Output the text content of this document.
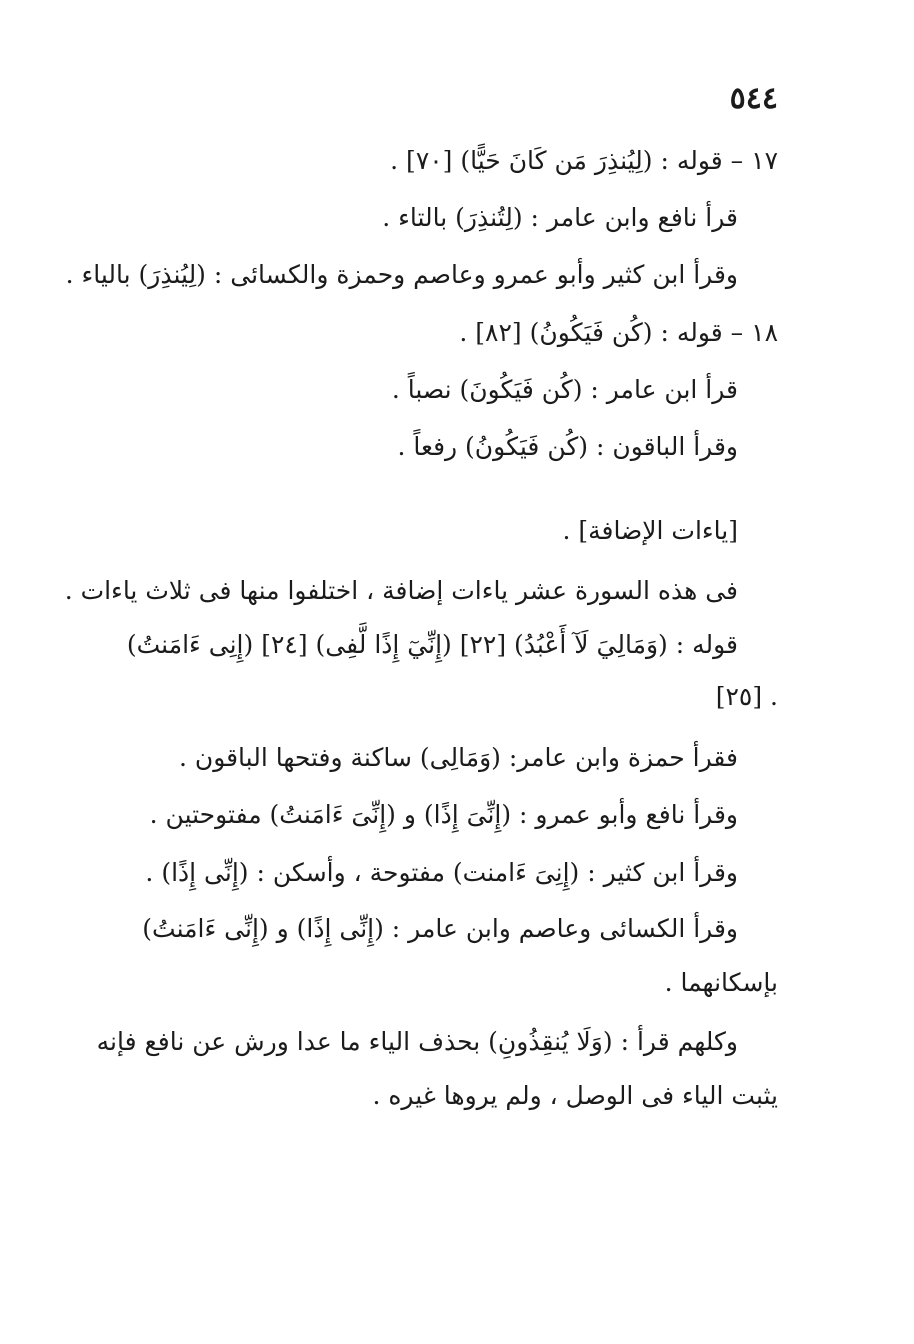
٥٤٤
١٧ – قوله : (لِيُنذِرَ مَن كَانَ حَيًّا) [٧٠] .
قرأ نافع وابن عامر : (لِتُنذِرَ) بالتاء .
وقرأ ابن كثير وأبو عمرو وعاصم وحمزة والكسائى : (لِيُنذِرَ) بالياء .
١٨ – قوله : (كُن فَيَكُونُ) [٨٢] .
قرأ ابن عامر : (كُن فَيَكُونَ) نصباً .
وقرأ الباقون : (كُن فَيَكُونُ) رفعاً .
[ياءات الإضافة] .
فى هذه السورة عشر ياءات إضافة ، اختلفوا منها فى ثلاث ياءات .
قوله : (وَمَالِيَ لَآ أَعْبُدُ) [٢٢] (إِنِّيٓ إِذًا لَّفِى) [٢٤] (إِنِى ءَامَنتُ)
. [٢٥]
فقرأ حمزة وابن عامر: (وَمَالِى) ساكنة وفتحها الباقون .
وقرأ نافع وأبو عمرو : (إِنِّىَ إِذًا) و (إِنِّىَ ءَامَنتُ) مفتوحتين .
وقرأ ابن كثير : (إِنِىَ ءَامنت) مفتوحة ، وأسكن : (إِنِّى إِذًا) .
وقرأ الكسائى وعاصم وابن عامر : (إِنِّى إِذًا) و (إِنِّى ءَامَنتُ)
بإسكانهما .
وكلهم قرأ : (وَلَا يُنقِذُونِ) بحذف الياء ما عدا ورش عن نافع فإنه
يثبت الياء فى الوصل ، ولم يروها غيره .
